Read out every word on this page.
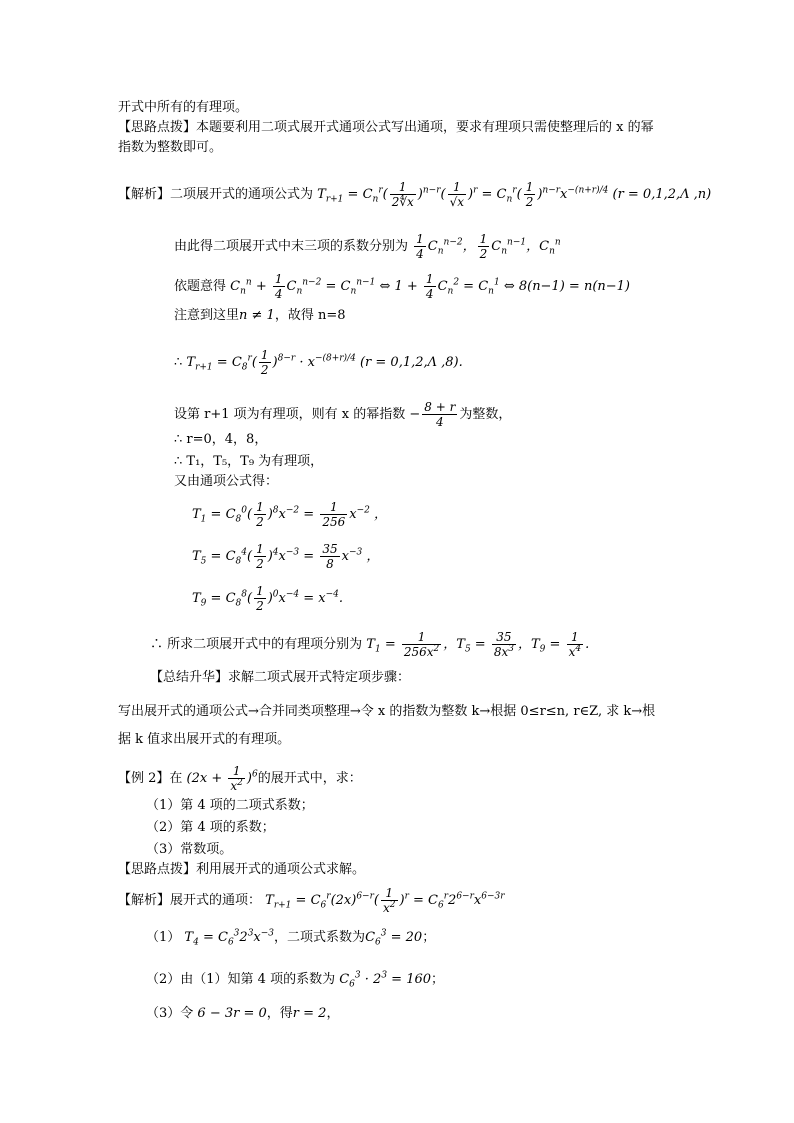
开式中所有的有理项。
【思路点拨】本题要利用二项式展开式通项公式写出通项，要求有理项只需使整理后的 x 的幂
指数为整数即可。
【解析】二项展开式的通项公式为 $T_{r+1} = C_n^r( \frac{1}{2∜x} )^{n-r}( \frac{1}{√x} )^r = C_n^r( \frac{1}{2} )^{n-r}x^{-(n+r)/4}$ (r = 0,1,2,Λ ,n)
由此得二项展开式中末三项的系数分别为 $\frac{1}{4} C_n^{n-2}$， $\frac{1}{2} C_n^{n-1}$，$C_n^n$
依题意得 $C_n^n + \frac{1}{4} C_n^{n-2} = C_n^{n-1}$ ⇔ $1 + \frac{1}{4} C_n^2 = C_n^1$ ⇔ 8(n−1) = n(n−1)
注意到这里n ≠ 1，故得 n=8
∴ $T_{r+1} = C_8^r( \frac{1}{2} )^{8-r} \cdot x^{-(8+r)/4}$ (r = 0,1,2,Λ ,8).
设第 r+1 项为有理项，则有 x 的幂指数 − $\frac{8 + r}{4}$ 为整数，
∴ r=0，4，8，
∴ T₁，T₅，T₉ 为有理项，
又由通项公式得：
$T_1 = C_8^0( \frac{1}{2} )^8x^{-2} = \frac{1}{256} x^{-2}$ ，
$T_5 = C_8^4( \frac{1}{2} )^4x^{-3} = \frac{35}{8} x^{-3}$ ，
$T_9 = C_8^8( \frac{1}{2} )^0x^{-4} = x^{-4}$.
∴ 所求二项展开式中的有理项分别为 $T_1 = \frac{1}{256x^2}$ ，$T_5 = \frac{35}{8x^3}$ ，$T_9 = \frac{1}{x^4}$ .
【总结升华】求解二项式展开式特定项步骤：
写出展开式的通项公式→合并同类项整理→令 x 的指数为整数 k→根据 0≤r≤n, r∈Z, 求 k→根
据 k 值求出展开式的有理项。
【例 2】在 $(2x + \frac{1}{x^2} )^6$的展开式中，求：
（1）第 4 项的二项式系数；
（2）第 4 项的系数；
（3）常数项。
【思路点拨】利用展开式的通项公式求解。
【解析】展开式的通项： $T_{r+1} = C_6^r(2x)^{6-r}( \frac{1}{x^2} )^r = C_6^r2^{6-r}x^{6-3r}$
（1） $T_4 = C_6^32^3x^{-3}$，二项式系数为$C_6^3 = 20$；
（2）由（1）知第 4 项的系数为 $C_6^3 \cdot 2^3 = 160$；
（3）令 6 − 3r = 0，得r = 2，
